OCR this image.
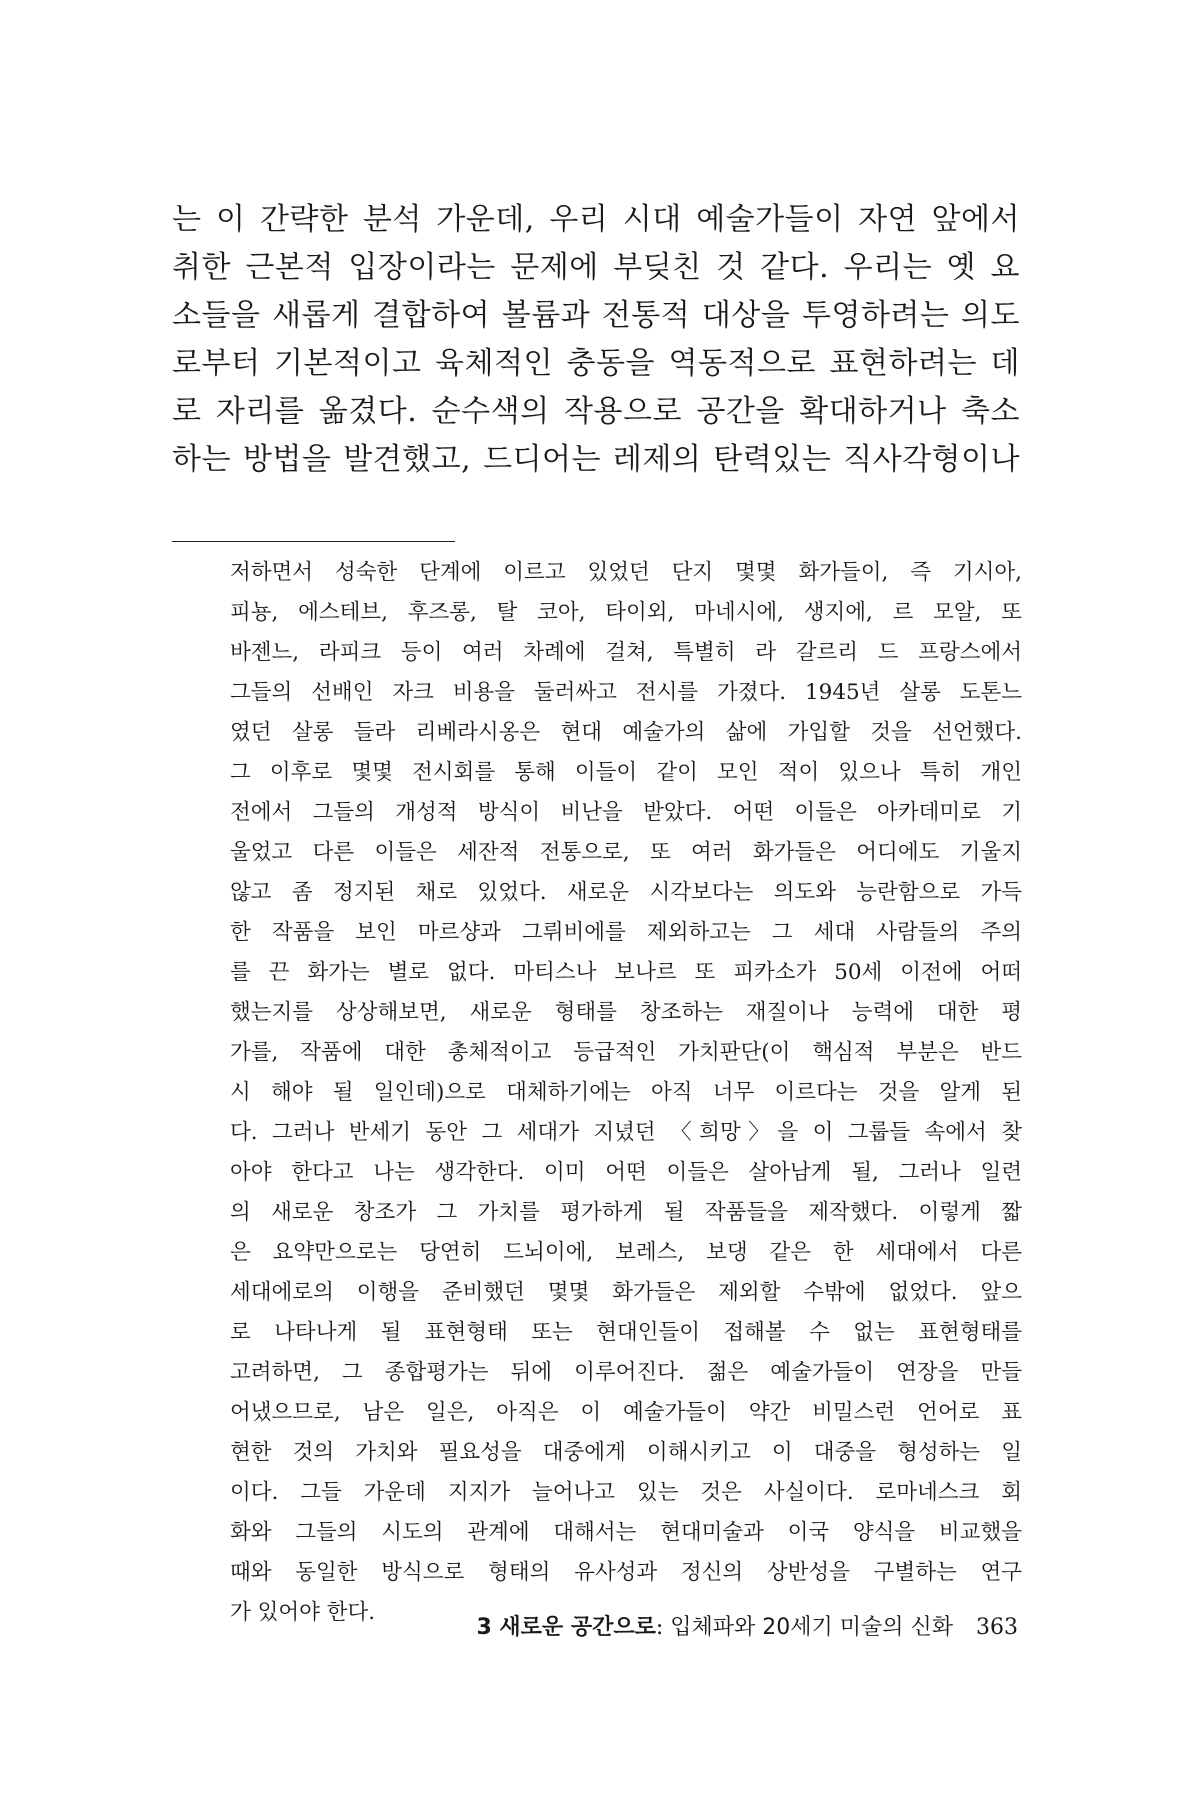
는 이 간략한 분석 가운데, 우리 시대 예술가들이 자연 앞에서
취한 근본적 입장이라는 문제에 부딪친 것 같다. 우리는 옛 요
소들을 새롭게 결합하여 볼륨과 전통적 대상을 투영하려는 의도
로부터 기본적이고 육체적인 충동을 역동적으로 표현하려는 데
로 자리를 옮겼다. 순수색의 작용으로 공간을 확대하거나 축소
하는 방법을 발견했고, 드디어는 레제의 탄력있는 직사각형이나
저하면서 성숙한 단계에 이르고 있었던 단지 몇몇 화가들이, 즉 기시아,
피뇽, 에스테브, 후즈롱, 탈 코아, 타이외, 마네시에, 생지에, 르 모알, 또
바젠느, 라피크 등이 여러 차례에 걸쳐, 특별히 라 갈르리 드 프랑스에서
그들의 선배인 자크 비용을 둘러싸고 전시를 가졌다. 1945년 살롱 도톤느
였던 살롱 들라 리베라시옹은 현대 예술가의 삶에 가입할 것을 선언했다.
그 이후로 몇몇 전시회를 통해 이들이 같이 모인 적이 있으나 특히 개인
전에서 그들의 개성적 방식이 비난을 받았다. 어떤 이들은 아카데미로 기
울었고 다른 이들은 세잔적 전통으로, 또 여러 화가들은 어디에도 기울지
않고 좀 정지된 채로 있었다. 새로운 시각보다는 의도와 능란함으로 가득
한 작품을 보인 마르샹과 그뤼비에를 제외하고는 그 세대 사람들의 주의
를 끈 화가는 별로 없다. 마티스나 보나르 또 피카소가 50세 이전에 어떠
했는지를 상상해보면, 새로운 형태를 창조하는 재질이나 능력에 대한 평
가를, 작품에 대한 총체적이고 등급적인 가치판단(이 핵심적 부분은 반드
시 해야 될 일인데)으로 대체하기에는 아직 너무 이르다는 것을 알게 된
다. 그러나 반세기 동안 그 세대가 지녔던 〈희망〉을 이 그룹들 속에서 찾
아야 한다고 나는 생각한다. 이미 어떤 이들은 살아남게 될, 그러나 일련
의 새로운 창조가 그 가치를 평가하게 될 작품들을 제작했다. 이렇게 짧
은 요약만으로는 당연히 드뇌이에, 보레스, 보댕 같은 한 세대에서 다른
세대에로의 이행을 준비했던 몇몇 화가들은 제외할 수밖에 없었다. 앞으
로 나타나게 될 표현형태 또는 현대인들이 접해볼 수 없는 표현형태를
고려하면, 그 종합평가는 뒤에 이루어진다. 젊은 예술가들이 연장을 만들
어냈으므로, 남은 일은, 아직은 이 예술가들이 약간 비밀스런 언어로 표
현한 것의 가치와 필요성을 대중에게 이해시키고 이 대중을 형성하는 일
이다. 그들 가운데 지지가 늘어나고 있는 것은 사실이다. 로마네스크 회
화와 그들의 시도의 관계에 대해서는 현대미술과 이국 양식을 비교했을
때와 동일한 방식으로 형태의 유사성과 정신의 상반성을 구별하는 연구
가 있어야 한다.
3 새로운 공간으로: 입체파와 20세기 미술의 신화 363
